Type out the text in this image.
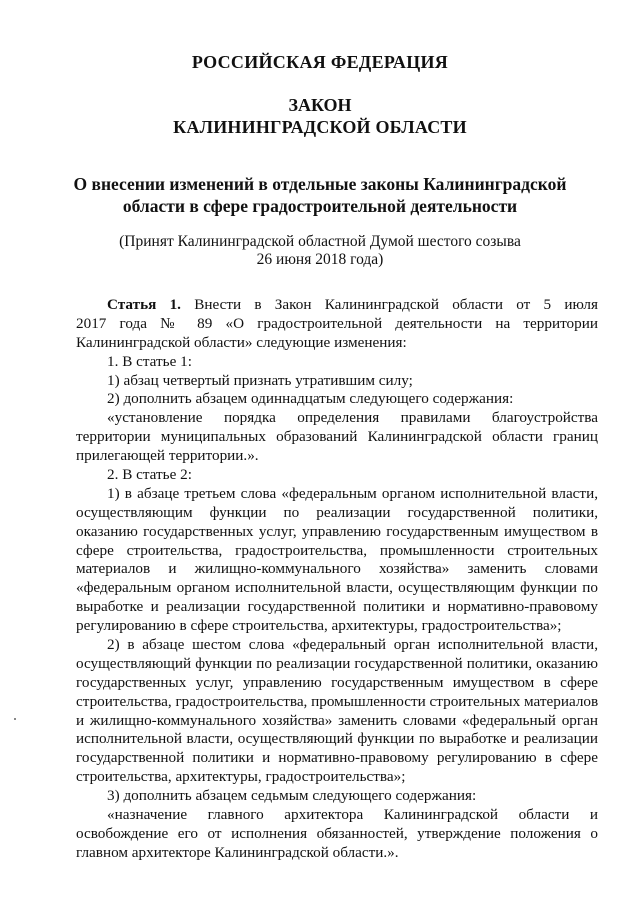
РОССИЙСКАЯ ФЕДЕРАЦИЯ
ЗАКОН
КАЛИНИНГРАДСКОЙ ОБЛАСТИ
О внесении изменений в отдельные законы Калининградской
области в сфере градостроительной деятельности
(Принят Калининградской областной Думой шестого созыва
26 июня 2018 года)
Статья 1. Внести в Закон Калининградской области от 5 июля
2017 года № 89 «О градостроительной деятельности на территории
Калининградской области» следующие изменения:
1. В статье 1:
1) абзац четвертый признать утратившим силу;
2) дополнить абзацем одиннадцатым следующего содержания:
«установление порядка определения правилами благоустройства
территории муниципальных образований Калининградской области границ
прилегающей территории.».
2. В статье 2:
1) в абзаце третьем слова «федеральным органом исполнительной власти,
осуществляющим функции по реализации государственной политики,
оказанию государственных услуг, управлению государственным имуществом в
сфере строительства, градостроительства, промышленности строительных
материалов и жилищно-коммунального хозяйства» заменить словами
«федеральным органом исполнительной власти, осуществляющим функции по
выработке и реализации государственной политики и нормативно-правовому
регулированию в сфере строительства, архитектуры, градостроительства»;
2) в абзаце шестом слова «федеральный орган исполнительной власти,
осуществляющий функции по реализации государственной политики, оказанию
государственных услуг, управлению государственным имуществом в сфере
строительства, градостроительства, промышленности строительных материалов
и жилищно-коммунального хозяйства» заменить словами «федеральный орган
исполнительной власти, осуществляющий функции по выработке и реализации
государственной политики и нормативно-правовому регулированию в сфере
строительства, архитектуры, градостроительства»;
3) дополнить абзацем седьмым следующего содержания:
«назначение главного архитектора Калининградской области и
освобождение его от исполнения обязанностей, утверждение положения о
главном архитекторе Калининградской области.».
